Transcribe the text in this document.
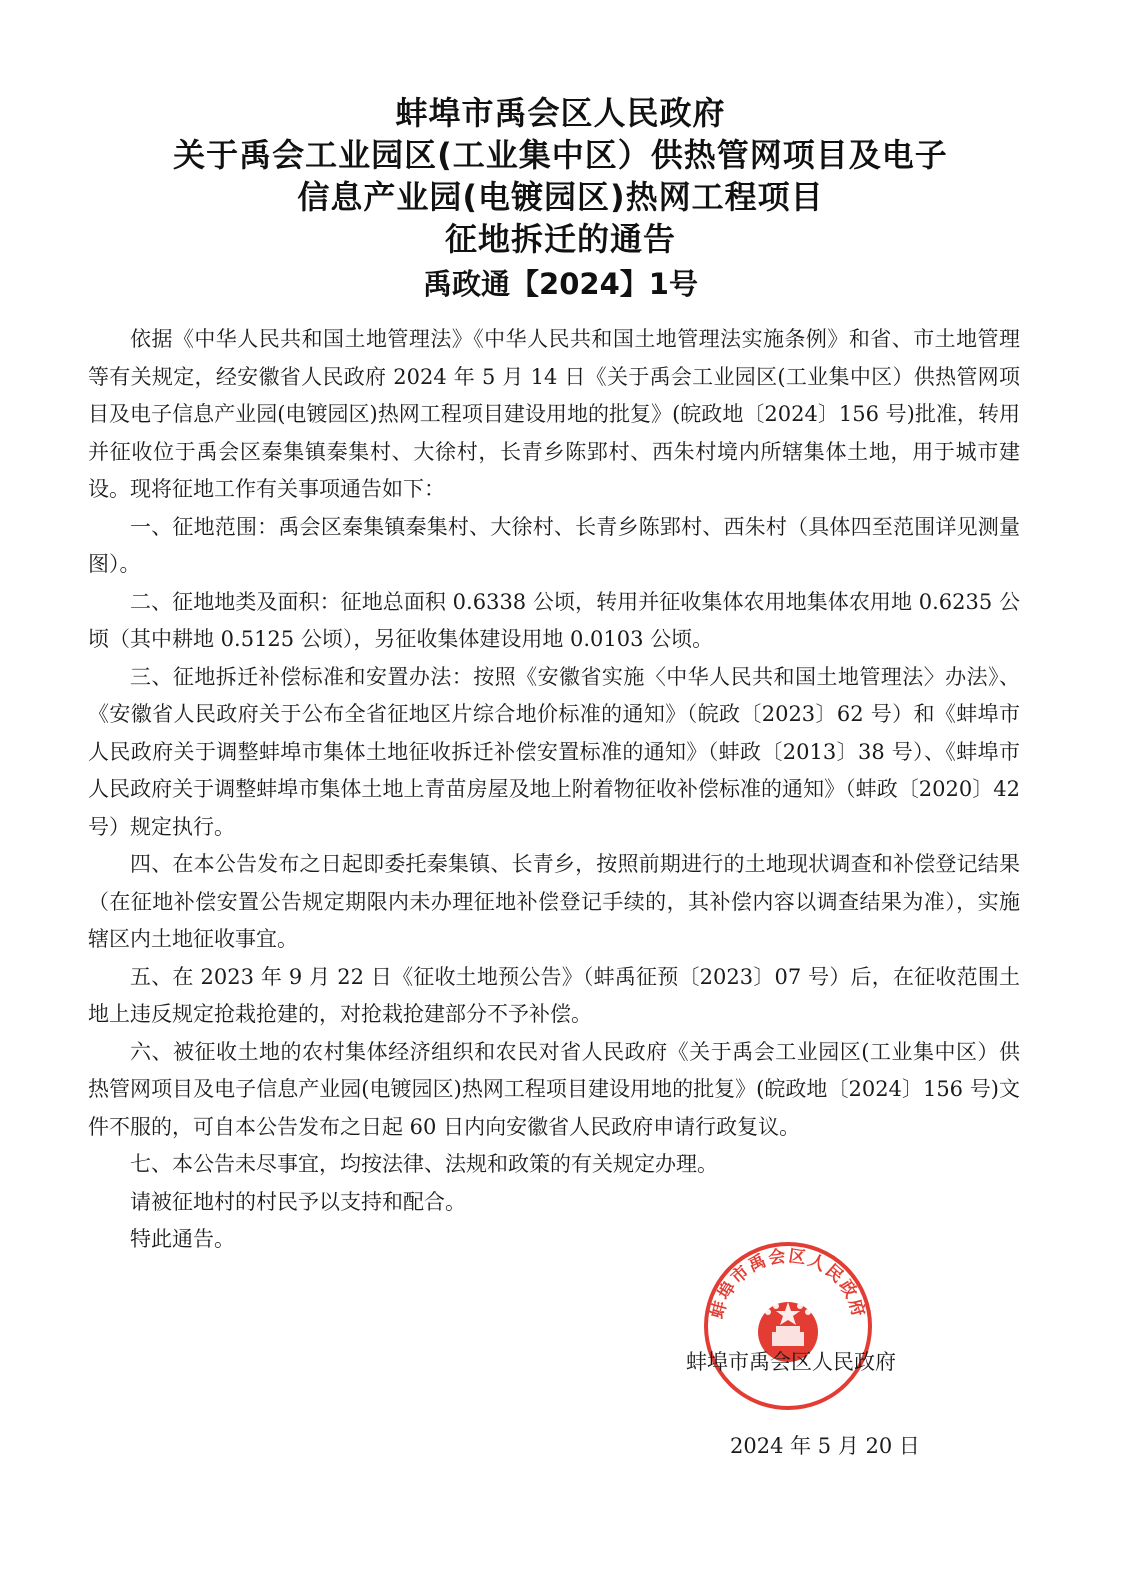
蚌埠市禹会区人民政府
关于禹会工业园区(工业集中区）供热管网项目及电子
信息产业园(电镀园区)热网工程项目
征地拆迁的通告
禹政通【2024】1号

依据《中华人民共和国土地管理法》《中华人民共和国土地管理法实施条例》和省、市土地管理等有关规定，经安徽省人民政府 2024 年 5 月 14 日《关于禹会工业园区(工业集中区）供热管网项目及电子信息产业园(电镀园区)热网工程项目建设用地的批复》(皖政地〔2024〕156 号)批准，转用并征收位于禹会区秦集镇秦集村、大徐村，长青乡陈郢村、西朱村境内所辖集体土地，用于城市建设。现将征地工作有关事项通告如下：

一、征地范围：禹会区秦集镇秦集村、大徐村、长青乡陈郢村、西朱村（具体四至范围详见测量图）。

二、征地地类及面积：征地总面积 0.6338 公顷，转用并征收集体农用地集体农用地 0.6235 公顷（其中耕地 0.5125 公顷），另征收集体建设用地 0.0103 公顷。

三、征地拆迁补偿标准和安置办法：按照《安徽省实施〈中华人民共和国土地管理法〉办法》、《安徽省人民政府关于公布全省征地区片综合地价标准的通知》（皖政〔2023〕62 号）和《蚌埠市人民政府关于调整蚌埠市集体土地征收拆迁补偿安置标准的通知》（蚌政〔2013〕38 号）、《蚌埠市人民政府关于调整蚌埠市集体土地上青苗房屋及地上附着物征收补偿标准的通知》（蚌政〔2020〕42 号）规定执行。

四、在本公告发布之日起即委托秦集镇、长青乡，按照前期进行的土地现状调查和补偿登记结果（在征地补偿安置公告规定期限内未办理征地补偿登记手续的，其补偿内容以调查结果为准），实施辖区内土地征收事宜。

五、在 2023 年 9 月 22 日《征收土地预公告》（蚌禹征预〔2023〕07 号）后，在征收范围土地上违反规定抢栽抢建的，对抢栽抢建部分不予补偿。

六、被征收土地的农村集体经济组织和农民对省人民政府《关于禹会工业园区(工业集中区）供热管网项目及电子信息产业园(电镀园区)热网工程项目建设用地的批复》(皖政地〔2024〕156 号)文件不服的，可自本公告发布之日起 60 日内向安徽省人民政府申请行政复议。

七、本公告未尽事宜，均按法律、法规和政策的有关规定办理。

请被征地村的村民予以支持和配合。

特此通告。

蚌埠市禹会区人民政府
蚌埠市禹会区人民政府
2024 年 5 月 20 日
